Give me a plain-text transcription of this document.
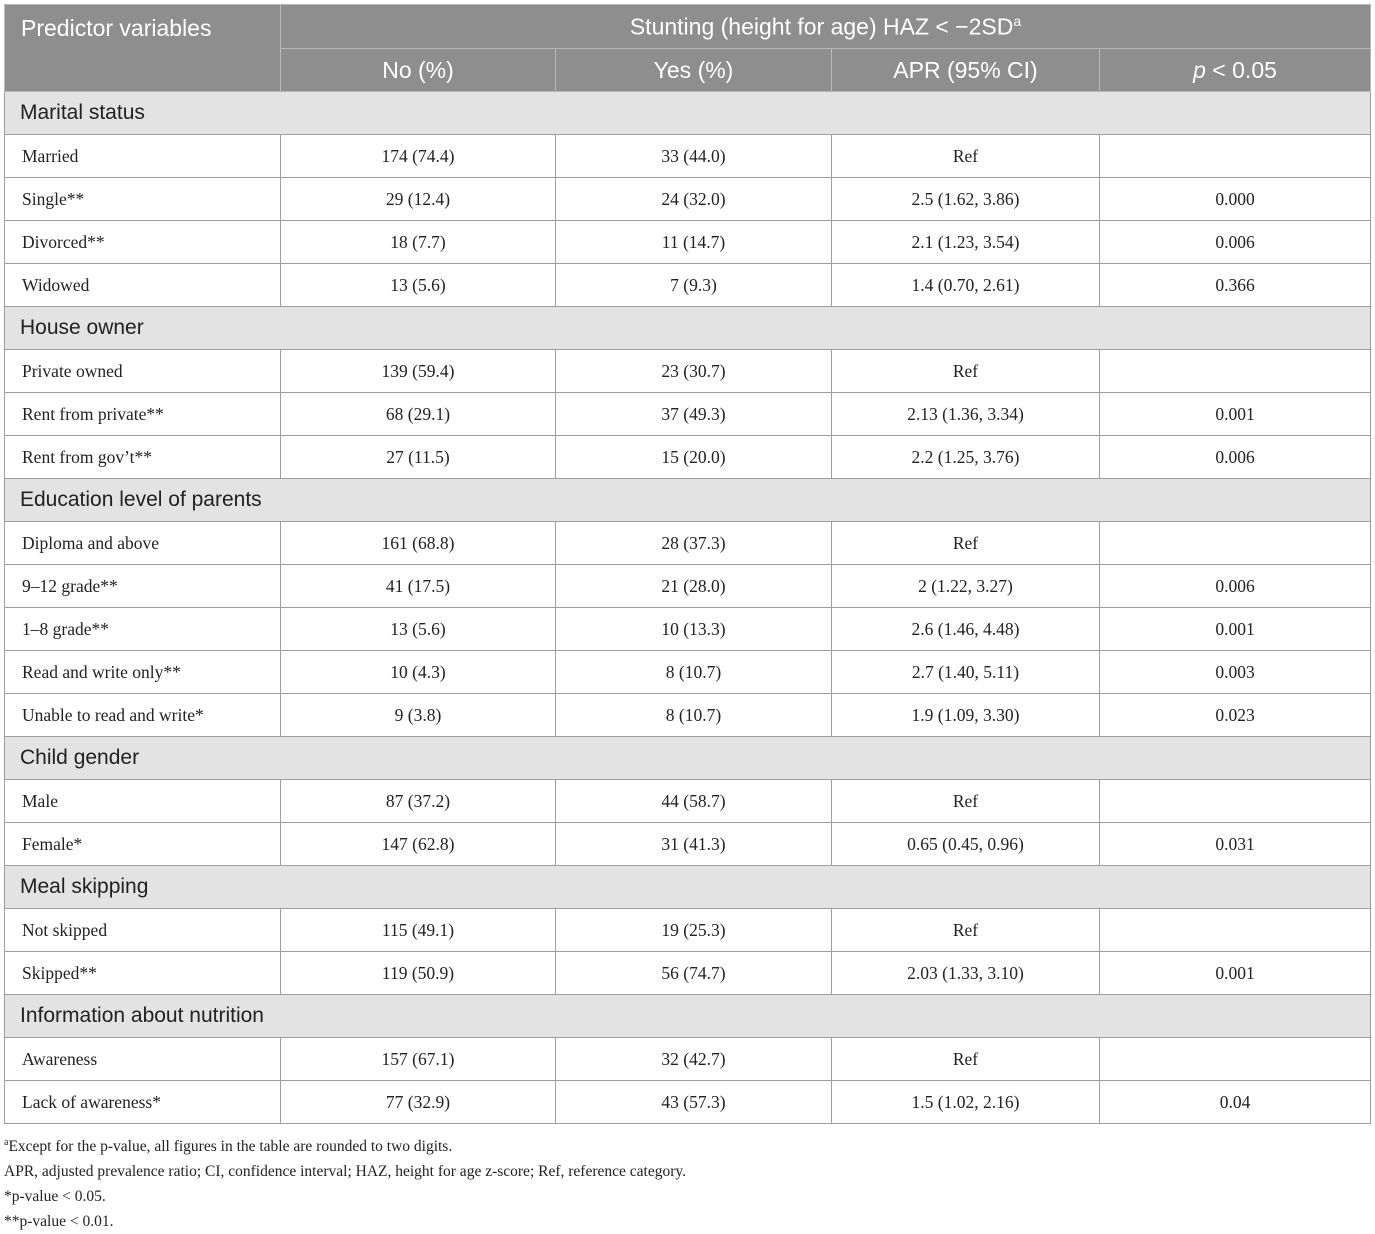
Predictor variables	Stunting (height for age) HAZ < $-2SD^a$
	No (%)	Yes (%)	APR (95% CI)	p < 0.05
Marital status				
Married	174 (74.4)	33 (44.0)	Ref	
Single**	29 (12.4)	24 (32.0)	2.5 (1.62, 3.86)	0.000
Divorced**	18 (7.7)	11 (14.7)	2.1 (1.23, 3.54)	0.006
Widowed	13 (5.6)	7 (9.3)	1.4 (0.70, 2.61)	0.366
House owner				
Private owned	139 (59.4)	23 (30.7)	Ref	
Rent from private**	68 (29.1)	37 (49.3)	2.13 (1.36, 3.34)	0.001
Rent from gov’t**	27 (11.5)	15 (20.0)	2.2 (1.25, 3.76)	0.006
Education level of parents				
Diploma and above	161 (68.8)	28 (37.3)	Ref	
9–12 grade**	41 (17.5)	21 (28.0)	2 (1.22, 3.27)	0.006
1–8 grade**	13 (5.6)	10 (13.3)	2.6 (1.46, 4.48)	0.001
Read and write only**	10 (4.3)	8 (10.7)	2.7 (1.40, 5.11)	0.003
Unable to read and write*	9 (3.8)	8 (10.7)	1.9 (1.09, 3.30)	0.023
Child gender				
Male	87 (37.2)	44 (58.7)	Ref	
Female*	147 (62.8)	31 (41.3)	0.65 (0.45, 0.96)	0.031
Meal skipping				
Not skipped	115 (49.1)	19 (25.3)	Ref	
Skipped**	119 (50.9)	56 (74.7)	2.03 (1.33, 3.10)	0.001
Information about nutrition				
Awareness	157 (67.1)	32 (42.7)	Ref	
Lack of awareness*	77 (32.9)	43 (57.3)	1.5 (1.02, 2.16)	0.04
$^a$Except for the p-value, all figures in the table are rounded to two digits.
APR, adjusted prevalence ratio; CI, confidence interval; HAZ, height for age z-score; Ref, reference category.
*p-value < 0.05.
**p-value < 0.01.
